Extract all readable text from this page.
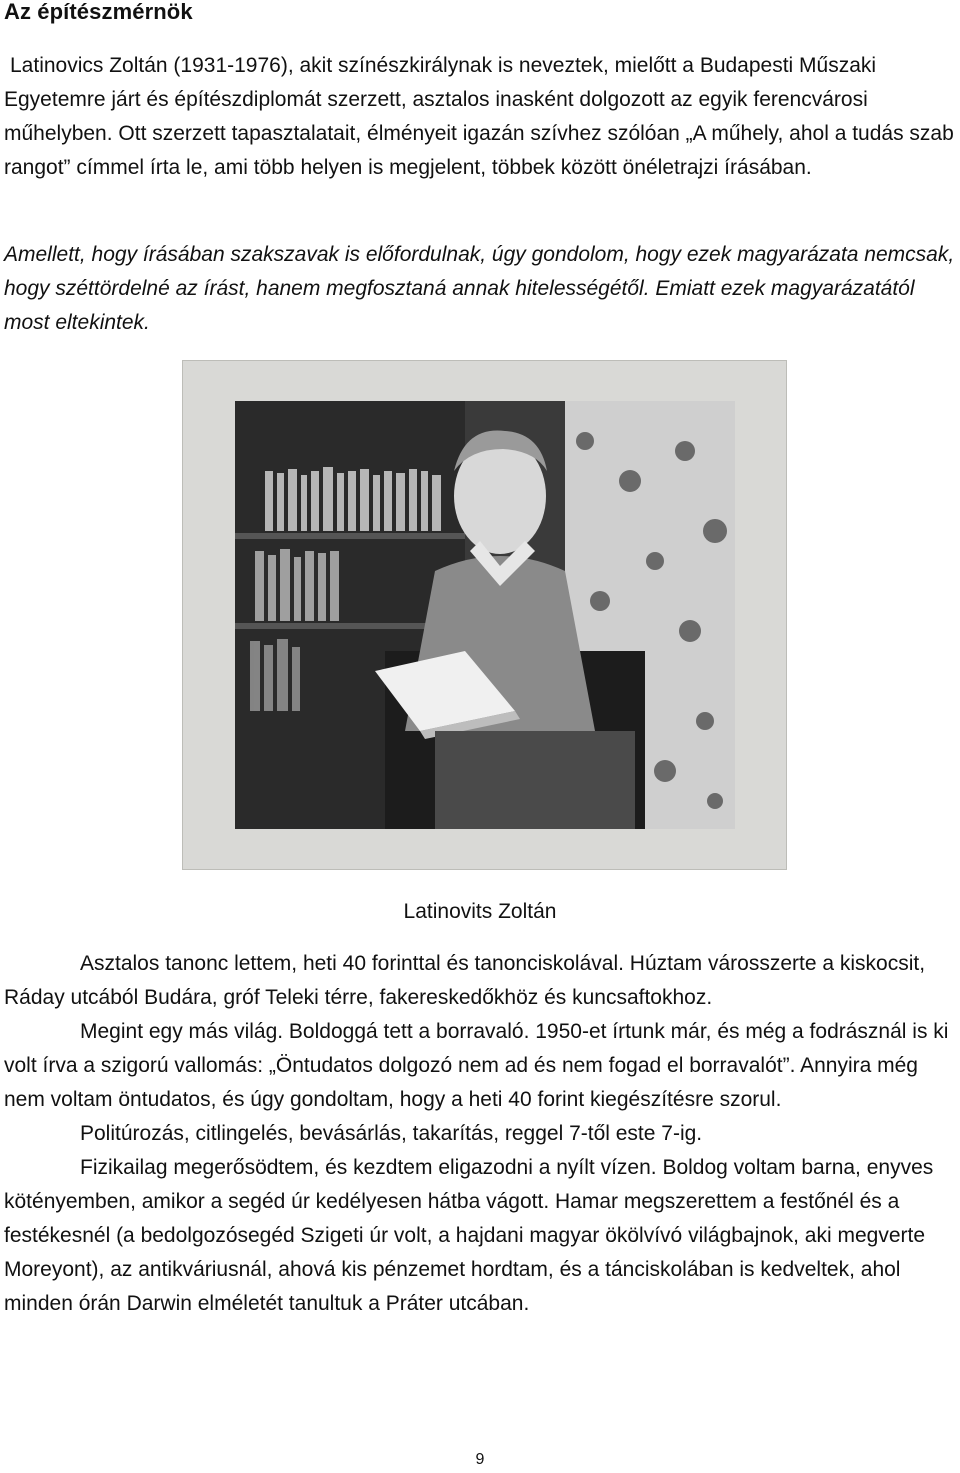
Az építészmérnök

Latinovics Zoltán (1931-1976), akit színészkirálynak is neveztek, mielőtt a Budapesti Műszaki Egyetemre járt és építészdiplomát szerzett, asztalos inasként dolgozott az egyik ferencvárosi műhelyben. Ott szerzett tapasztalatait, élményeit igazán szívhez szólóan „A műhely, ahol a tudás szab rangot” címmel írta le, ami több helyen is megjelent, többek között önéletrajzi írásában.

Amellett, hogy írásában szakszavak is előfordulnak, úgy gondolom, hogy ezek magyarázata nemcsak, hogy széttördelné az írást, hanem megfosztaná annak hitelességétől. Emiatt ezek magyarázatától most eltekintek.

Latinovits Zoltán

Asztalos tanonc lettem, heti 40 forinttal és tanonciskolával. Húztam városszerte a kiskocsit, Ráday utcából Budára, gróf Teleki térre, fakereskedőkhöz és kuncsaftokhoz.

Megint egy más világ. Boldoggá tett a borravaló. 1950-et írtunk már, és még a fodrásznál is ki volt írva a szigorú vallomás: „Öntudatos dolgozó nem ad és nem fogad el borravalót”. Annyira még nem voltam öntudatos, és úgy gondoltam, hogy a heti 40 forint kiegészítésre szorul.

Politúrozás, citlingelés, bevásárlás, takarítás, reggel 7-től este 7-ig.

Fizikailag megerősödtem, és kezdtem eligazodni a nyílt vízen. Boldog voltam barna, enyves kötényemben, amikor a segéd úr kedélyesen hátba vágott. Hamar megszerettem a festőnél és a festékesnél (a bedolgozósegéd Szigeti úr volt, a hajdani magyar ökölvívó világbajnok, aki megverte Moreyont), az antikváriusnál, ahová kis pénzemet hordtam, és a tánciskolában is kedveltek, ahol minden órán Darwin elméletét tanultuk a Práter utcában.

9
